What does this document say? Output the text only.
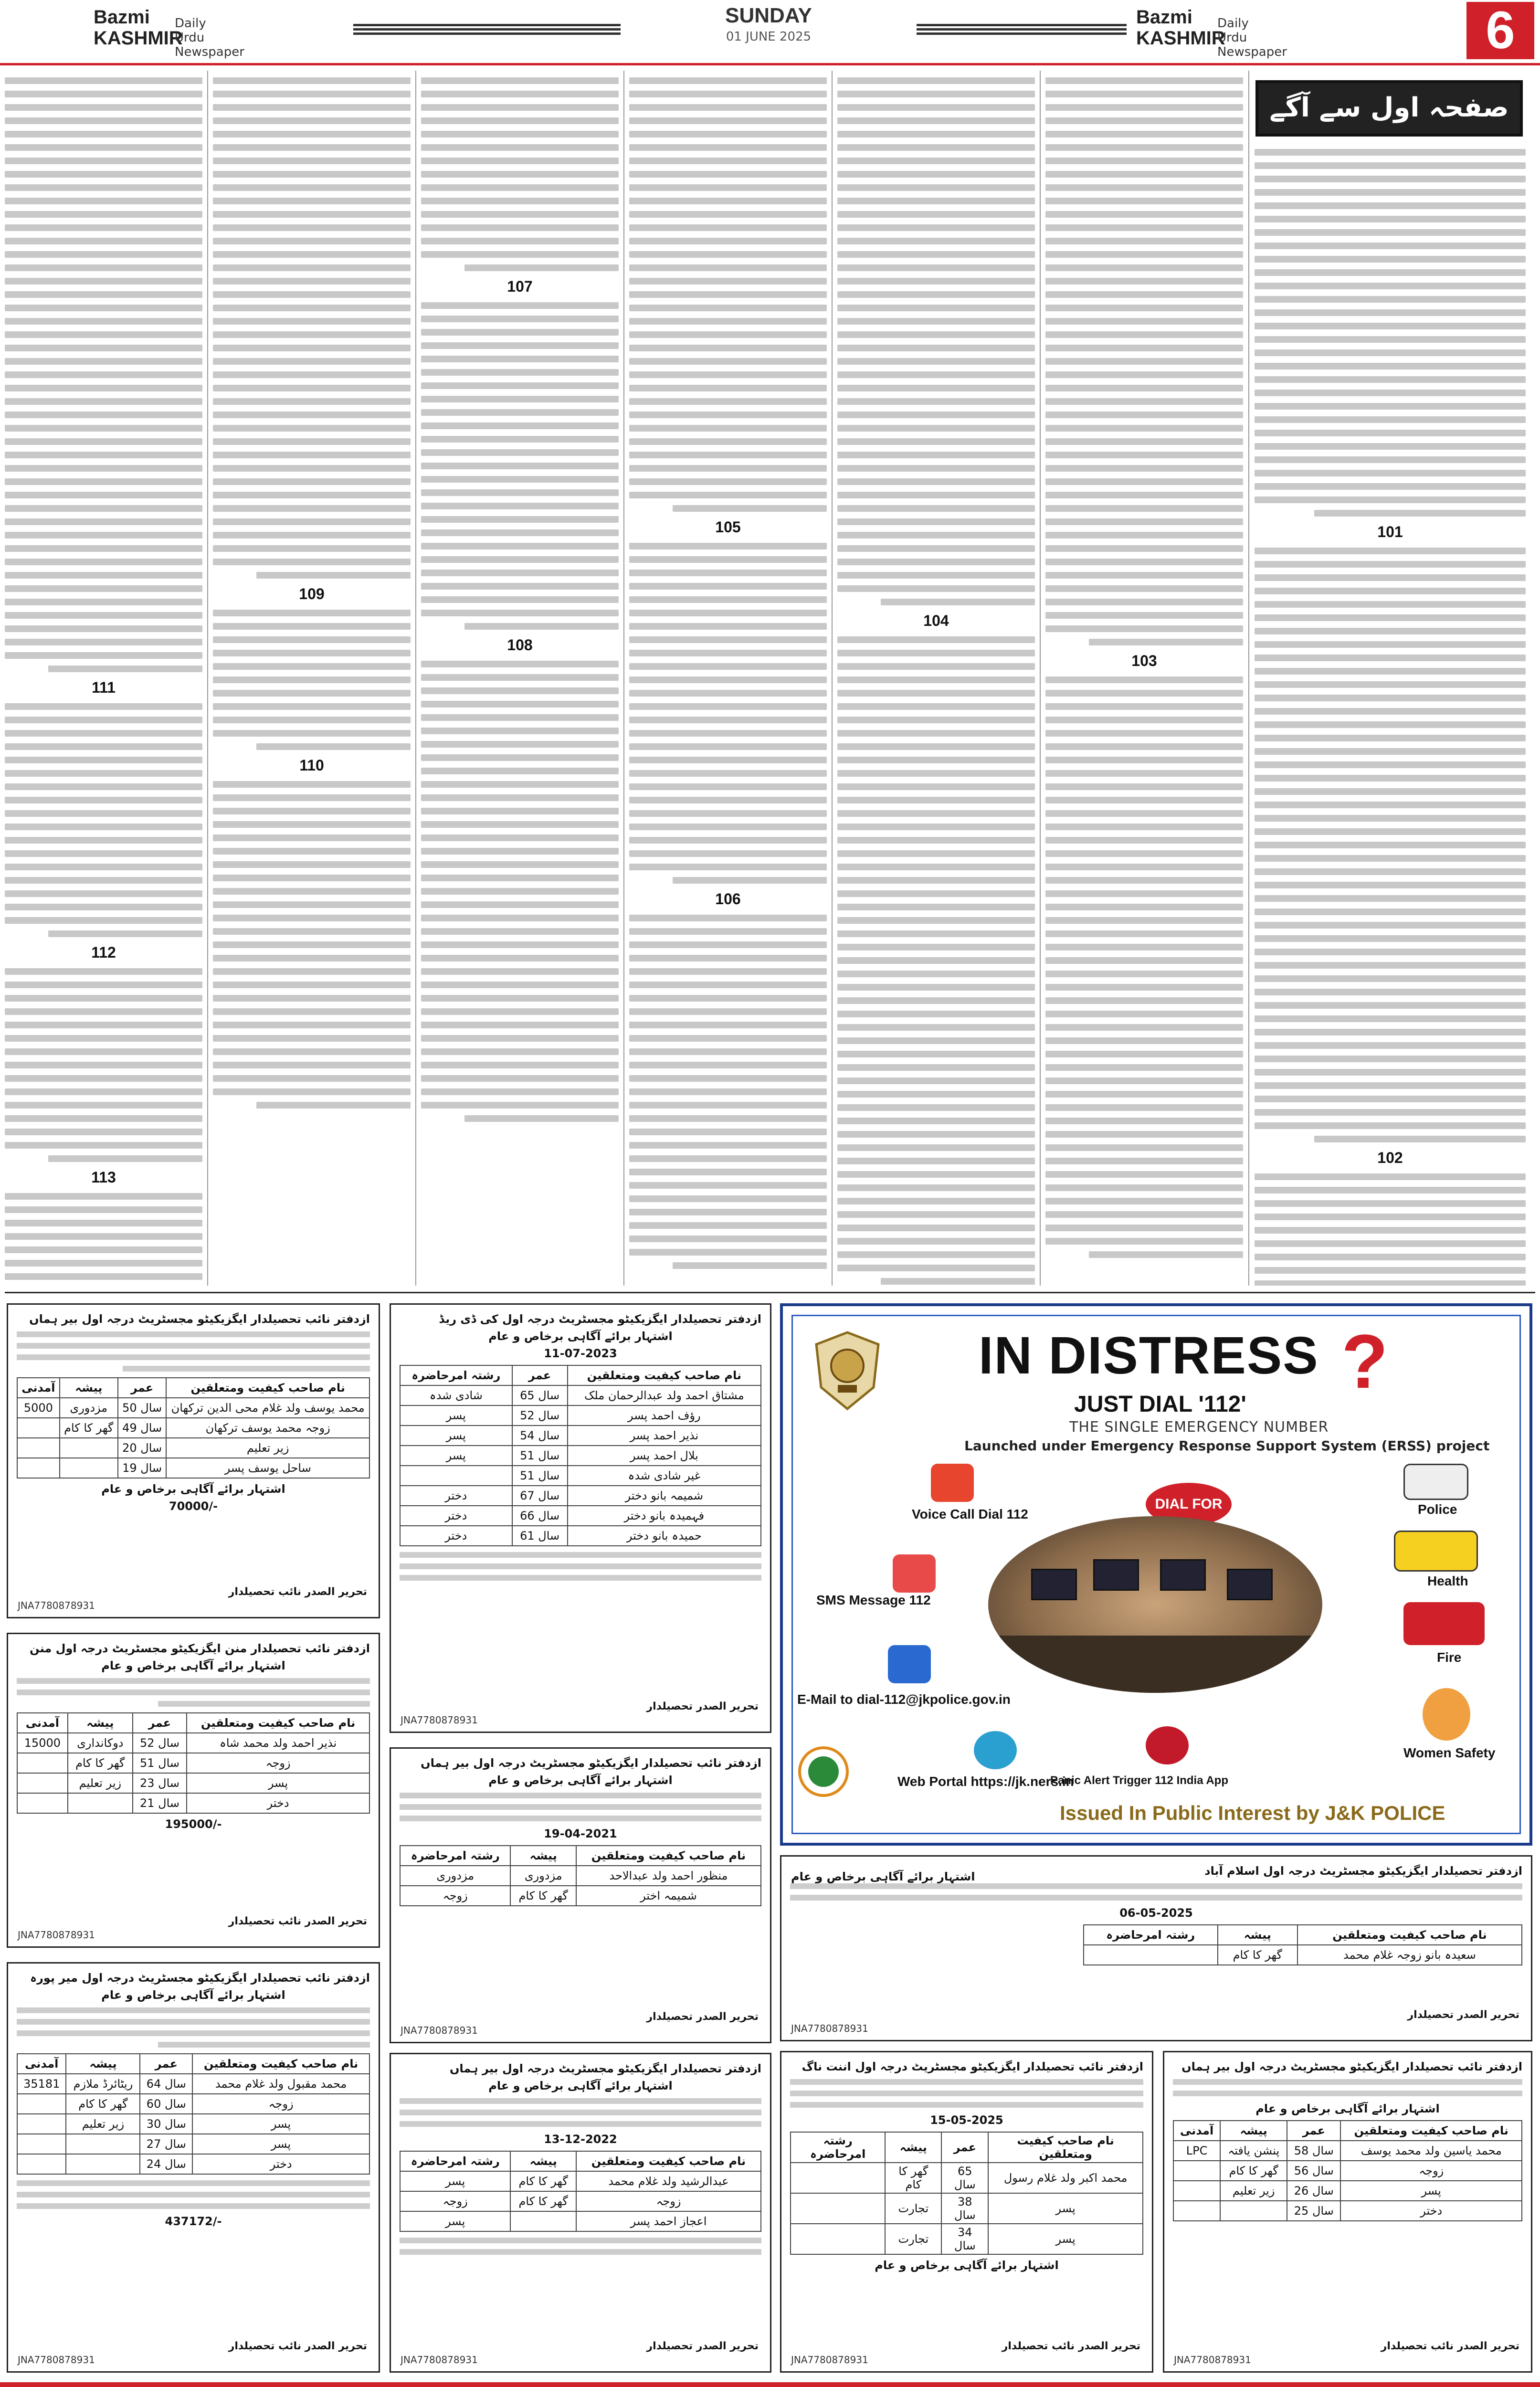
Bazmi
KASHMIR
Daily
Urdu Newspaper
SUNDAY
01 JUNE 2025
Bazmi
KASHMIR
Daily
Urdu Newspaper	6
101
102
صفحہ اول سے آگے
103
104
105
106
107
108
109
110
111
112
113
ازدفتر نائب تحصیلدار ایگزیکیٹو مجسٹریٹ درجہ اول بیر ہماں
آمدنی	پیشہ	عمر	نام صاحب کیفیت ومتعلقین
5000	مزدوری	50 سال	محمد یوسف ولد غلام محی الدین ترکھان
	گھر کا کام	49 سال	زوجہ محمد یوسف ترکھان
		20 سال	زیر تعلیم
		19 سال	ساحل یوسف پسر
اشتہار برائے آگاہی برخاص و عام
70000/-
تحریر الصدر نائب تحصیلدار
JNA7780878931
ازدفتر نائب تحصیلدار منن ایگزیکیٹو مجسٹریٹ درجہ اول منن
اشتہار برائے آگاہی برخاص و عام
آمدنی	پیشہ	عمر	نام صاحب کیفیت ومتعلقین
15000	دوکانداری	52 سال	نذیر احمد ولد محمد شاہ
	گھر کا کام	51 سال	زوجہ
	زیر تعلیم	23 سال	پسر
		21 سال	دختر
195000/-
تحریر الصدر نائب تحصیلدار
JNA7780878931
ازدفتر نائب تحصیلدار ایگزیکیٹو مجسٹریٹ درجہ اول میر پورہ
اشتہار برائے آگاہی برخاص و عام
آمدنی	پیشہ	عمر	نام صاحب کیفیت ومتعلقین
35181	ریٹائرڈ ملازم	64 سال	محمد مقبول ولد غلام محمد
	گھر کا کام	60 سال	زوجہ
	زیر تعلیم	30 سال	پسر
		27 سال	پسر
		24 سال	دختر
437172/-
تحریر الصدر نائب تحصیلدار
JNA7780878931
ازدفتر تحصیلدار ایگزیکیٹو مجسٹریٹ درجہ اول کی ڈی ریڈ
اشتہار برائے آگاہی برخاص و عام
11-07-2023
رشتہ امرحاضرہ	عمر	نام صاحب کیفیت ومتعلقین
شادی شدہ	65 سال	مشتاق احمد ولد عبدالرحمان ملک
پسر	52 سال	رؤف احمد پسر
پسر	54 سال	نذیر احمد پسر
پسر	51 سال	بلال احمد پسر
	51 سال	غیر شادی شدہ
دختر	67 سال	شمیمہ بانو دختر
دختر	66 سال	فہمیدہ بانو دختر
دختر	61 سال	حمیدہ بانو دختر
تحریر الصدر تحصیلدار
JNA7780878931
ازدفتر نائب تحصیلدار ایگزیکیٹو مجسٹریٹ درجہ اول بیر ہماں
اشتہار برائے آگاہی برخاص و عام
19-04-2021
رشتہ امرحاضرہ	پیشہ	نام صاحب کیفیت ومتعلقین
مزدوری	مزدوری	منظور احمد ولد عبدالاحد
زوجہ	گھر کا کام	شمیمہ اختر
تحریر الصدر تحصیلدار
JNA7780878931
ازدفتر تحصیلدار ایگزیکیٹو مجسٹریٹ درجہ اول بیر ہماں
اشتہار برائے آگاہی برخاص و عام
13-12-2022
رشتہ امرحاضرہ	پیشہ	نام صاحب کیفیت ومتعلقین
پسر	گھر کا کام	عبدالرشید ولد غلام محمد
زوجہ	گھر کا کام	زوجہ
پسر		اعجاز احمد پسر
تحریر الصدر تحصیلدار
JNA7780878931
IN DISTRESS ?
JUST DIAL '112'
THE SINGLE EMERGENCY NUMBER
Launched under Emergency Response Support System (ERSS) project
DIAL FOR
Voice Call Dial 112
SMS Message 112
E-Mail to dial-112@jkpolice.gov.in
Web Portal https://jk.ners.in
Panic Alert Trigger 112 India App
Police
Health
Fire
Women Safety
Issued In Public Interest by J&K POLICE
ازدفتر تحصیلدار ایگزیکیٹو مجسٹریٹ درجہ اول اسلام آباد
06-05-2025
رشتہ امرحاضرہ	پیشہ	نام صاحب کیفیت ومتعلقین
	گھر کا کام	سعیدہ بانو زوجہ غلام محمد
اشتہار برائے آگاہی برخاص و عام
تحریر الصدر تحصیلدار
JNA7780878931
ازدفتر نائب تحصیلدار ایگزیکیٹو مجسٹریٹ درجہ اول اننت ناگ
15-05-2025
رشتہ امرحاضرہ	پیشہ	عمر	نام صاحب کیفیت ومتعلقین
	گھر کا کام	65 سال	محمد اکبر ولد غلام رسول
	تجارت	38 سال	پسر
	تجارت	34 سال	پسر
اشتہار برائے آگاہی برخاص و عام
تحریر الصدر نائب تحصیلدار
JNA7780878931
ازدفتر نائب تحصیلدار ایگزیکیٹو مجسٹریٹ درجہ اول بیر ہماں
اشتہار برائے آگاہی برخاص و عام
آمدنی	پیشہ	عمر	نام صاحب کیفیت ومتعلقین
LPC	پنشن یافتہ	58 سال	محمد یاسین ولد محمد یوسف
	گھر کا کام	56 سال	زوجہ
	زیر تعلیم	26 سال	پسر
		25 سال	دختر
تحریر الصدر نائب تحصیلدار
JNA7780878931
